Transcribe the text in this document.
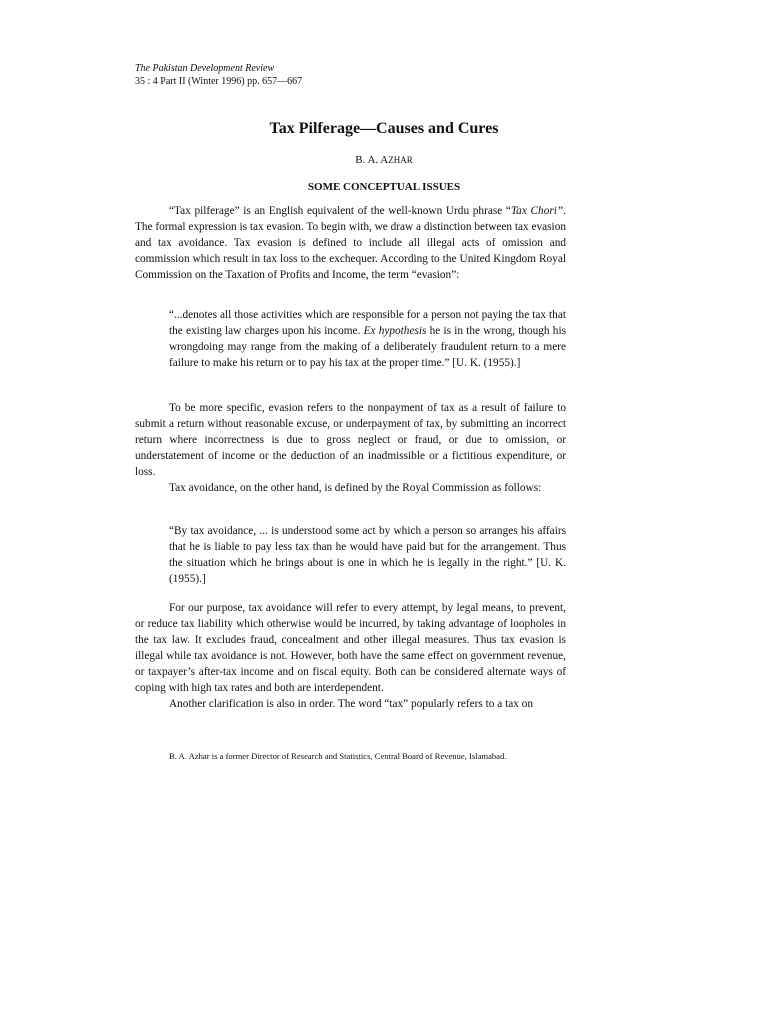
The Pakistan Development Review
35 : 4 Part II (Winter 1996) pp. 657—667
Tax Pilferage—Causes and Cures
B. A. AZHAR
SOME CONCEPTUAL ISSUES

“Tax pilferage” is an English equivalent of the well-known Urdu phrase “Tax Chori”. The formal expression is tax evasion. To begin with, we draw a distinction between tax evasion and tax avoidance. Tax evasion is defined to include all illegal acts of omission and commission which result in tax loss to the exchequer. According to the United Kingdom Royal Commission on the Taxation of Profits and Income, the term “evasion”:

“...denotes all those activities which are responsible for a person not paying the tax that the existing law charges upon his income. Ex hypothesis he is in the wrong, though his wrongdoing may range from the making of a deliberately fraudulent return to a mere failure to make his return or to pay his tax at the proper time.” [U. K. (1955).]

To be more specific, evasion refers to the nonpayment of tax as a result of failure to submit a return without reasonable excuse, or underpayment of tax, by submitting an incorrect return where incorrectness is due to gross neglect or fraud, or due to omission, or understatement of income or the deduction of an inadmissible or a fictitious expenditure, or loss.

Tax avoidance, on the other hand, is defined by the Royal Commission as follows:

“By tax avoidance, ... is understood some act by which a person so arranges his affairs that he is liable to pay less tax than he would have paid but for the arrangement. Thus the situation which he brings about is one in which he is legally in the right.” [U. K. (1955).]

For our purpose, tax avoidance will refer to every attempt, by legal means, to prevent, or reduce tax liability which otherwise would be incurred, by taking advantage of loopholes in the tax law. It excludes fraud, concealment and other illegal measures. Thus tax evasion is illegal while tax avoidance is not. However, both have the same effect on government revenue, or taxpayer’s after-tax income and on fiscal equity. Both can be considered alternate ways of coping with high tax rates and both are interdependent.

Another clarification is also in order. The word “tax” popularly refers to a tax on

B. A. Azhar is a former Director of Research and Statistics, Central Board of Revenue, Islamabad.
